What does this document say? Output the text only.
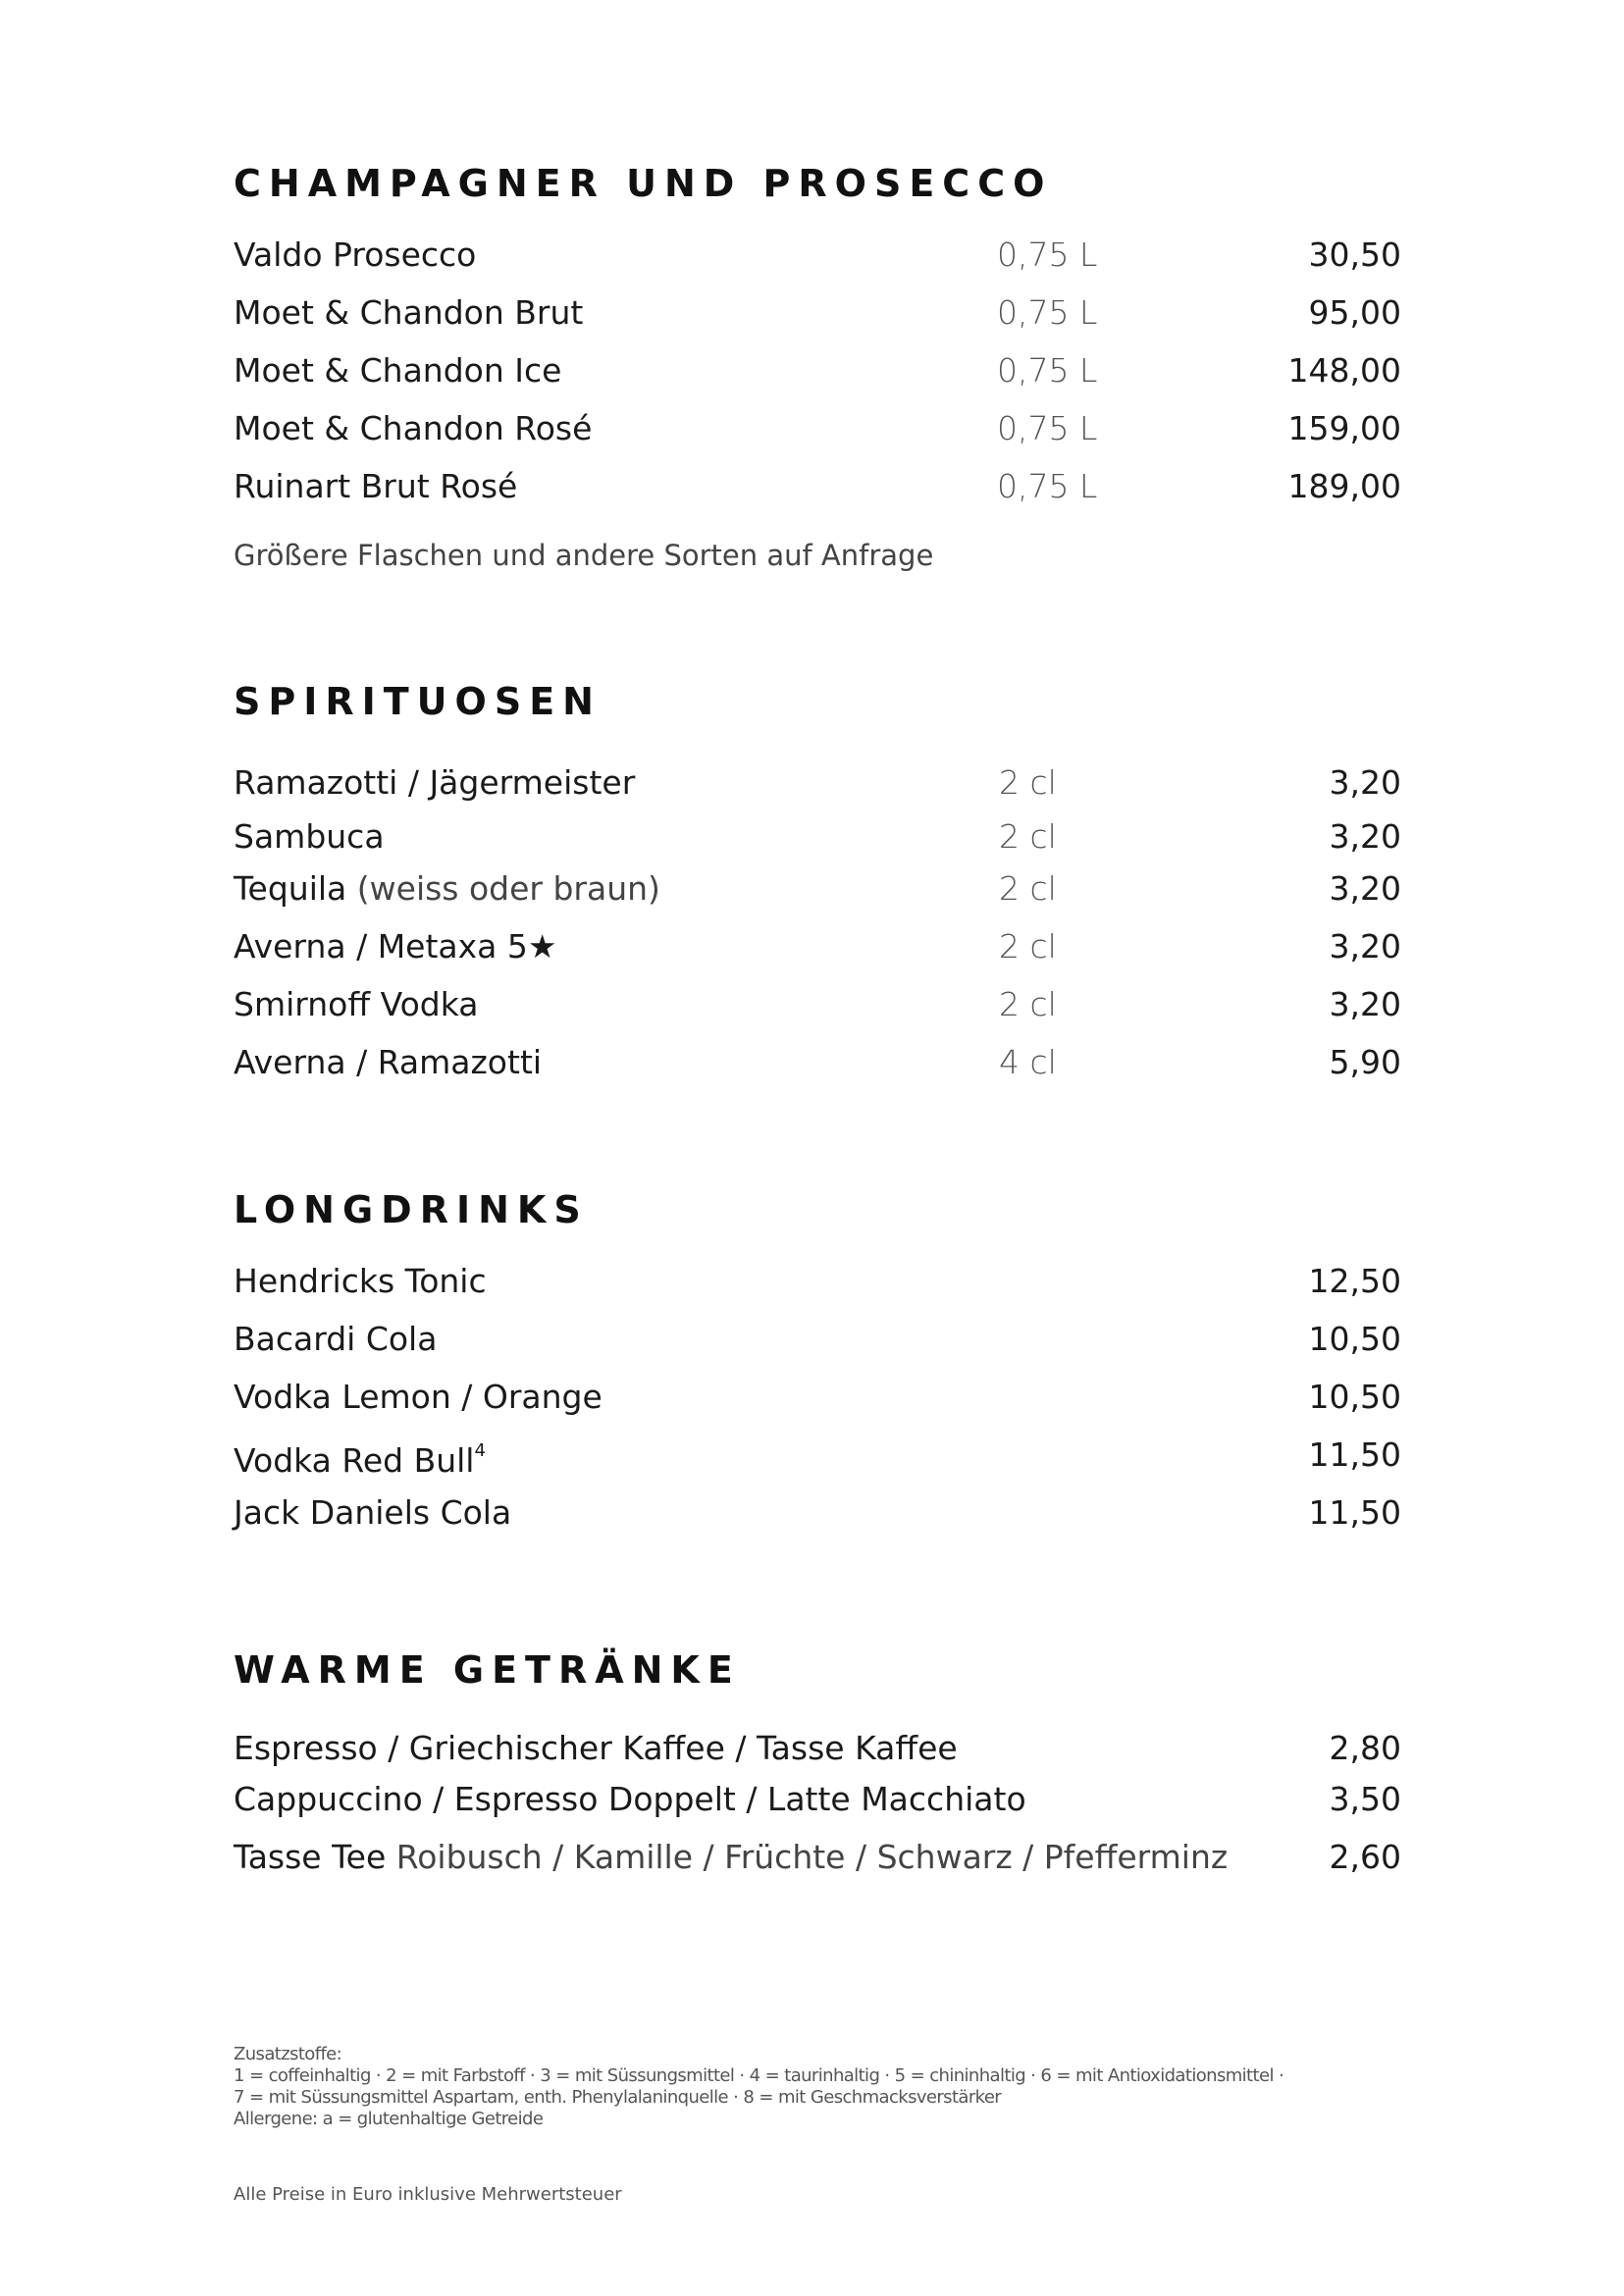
CHAMPAGNER UND PROSECCO
Valdo Prosecco	0,75 L	30,50
Moet & Chandon Brut	0,75 L	95,00
Moet & Chandon Ice	0,75 L	148,00
Moet & Chandon Rosé	0,75 L	159,00
Ruinart Brut Rosé	0,75 L	189,00
Größere Flaschen und andere Sorten auf Anfrage
SPIRITUOSEN
Ramazotti / Jägermeister	2 cl	3,20
Sambuca	2 cl	3,20
Tequila (weiss oder braun)	2 cl	3,20
Averna / Metaxa 5★	2 cl	3,20
Smirnoff Vodka	2 cl	3,20
Averna / Ramazotti	4 cl	5,90
LONGDRINKS
Hendricks Tonic	12,50
Bacardi Cola	10,50
Vodka Lemon / Orange	10,50
Vodka Red Bull$^4$	11,50
Jack Daniels Cola	11,50
WARME GETRÄNKE
Espresso / Griechischer Kaffee / Tasse Kaffee	2,80
Cappuccino / Espresso Doppelt / Latte Macchiato	3,50
Tasse Tee Roibusch / Kamille / Früchte / Schwarz / Pfefferminz	2,60
Zusatzstoffe:
1 = coffeinhaltig · 2 = mit Farbstoff · 3 = mit Süssungsmittel · 4 = taurinhaltig · 5 = chininhaltig · 6 = mit Antioxidationsmittel ·
7 = mit Süssungsmittel Aspartam, enth. Phenylalaninquelle · 8 = mit Geschmacksverstärker
Allergene: a = glutenhaltige Getreide
Alle Preise in Euro inklusive Mehrwertsteuer
